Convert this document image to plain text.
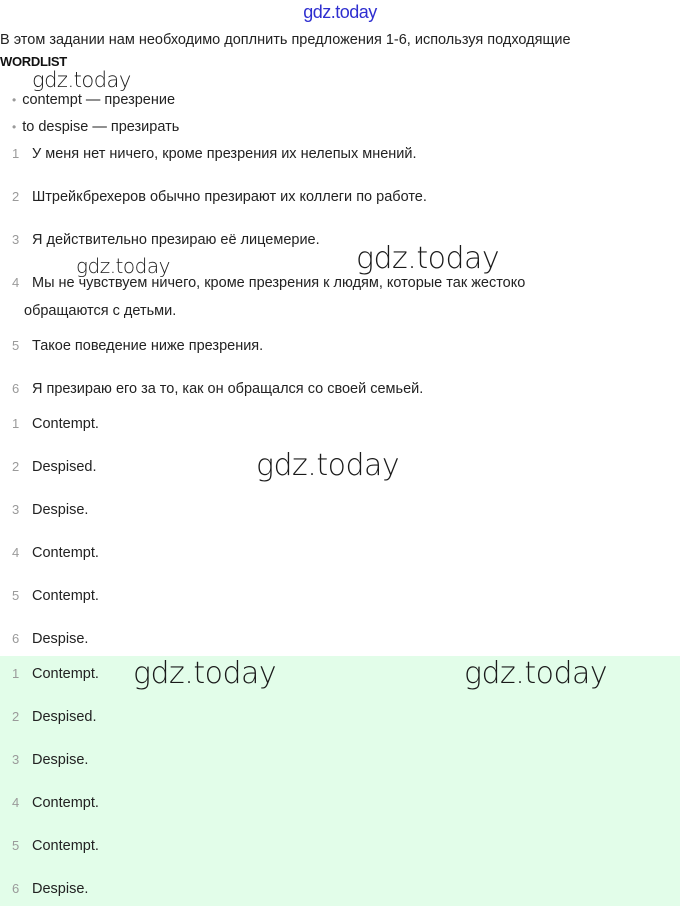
gdz.today
В этом задании нам необходимо доплнить предложения 1-6, используя подходящие
WORDLIST
• contempt — презрение
• to despise — презирать
1 У меня нет ничего, кроме презрения их нелепых мнений.
2 Штрейкбрехеров обычно презирают их коллеги по работе.
3 Я действительно презираю её лицемерие.
4 Мы не чувствуем ничего, кроме презрения к людям, которые так жестоко
обращаются с детьми.
5 Такое поведение ниже презрения.
6 Я презираю его за то, как он обращался со своей семьей.
1 Contempt.
2 Despised.
3 Despise.
4 Contempt.
5 Contempt.
6 Despise.
1 Contempt.
2 Despised.
3 Despise.
4 Contempt.
5 Contempt.
6 Despise.
gdz.today
gdz.today	gdz.today
gdz.today
gdz.today	gdz.today
